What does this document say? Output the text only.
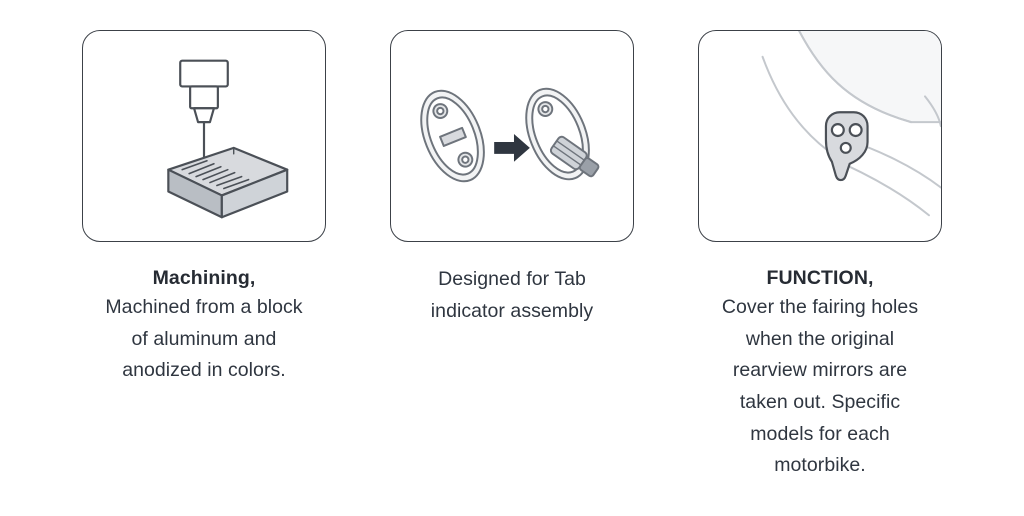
Machining,
Machined from a block
of aluminum and
anodized in colors.
Designed for Tab
indicator assembly
FUNCTION,
Cover the fairing holes
when the original
rearview mirrors are
taken out. Specific
models for each
motorbike.
